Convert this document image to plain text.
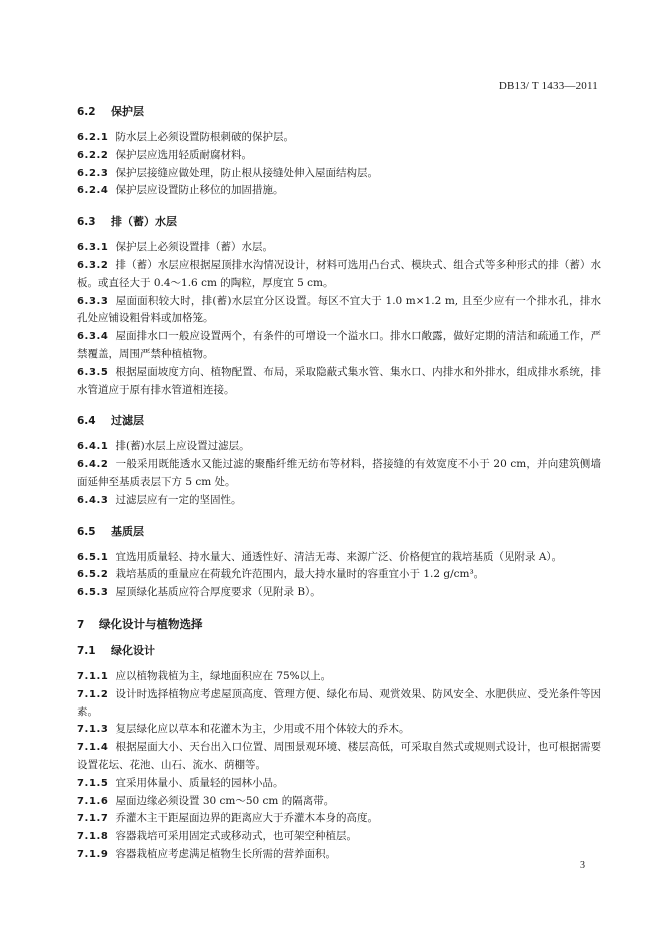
DB13/ T 1433—2011
6.2 保护层
6.2.1 防水层上必须设置防根刺破的保护层。
6.2.2 保护层应选用轻质耐腐材料。
6.2.3 保护层接缝应做处理，防止根从接缝处伸入屋面结构层。
6.2.4 保护层应设置防止移位的加固措施。
6.3 排（蓄）水层
6.3.1 保护层上必须设置排（蓄）水层。
6.3.2 排（蓄）水层应根据屋顶排水沟情况设计，材料可选用凸台式、模块式、组合式等多种形式的排（蓄）水板。或直径大于 0.4～1.6 cm 的陶粒，厚度宜 5 cm。
6.3.3 屋面面积较大时，排(蓄)水层宜分区设置。每区不宜大于 1.0 m×1.2 m, 且至少应有一个排水孔，排水孔处应铺设粗骨料或加格笼。
6.3.4 屋面排水口一般应设置两个，有条件的可增设一个溢水口。排水口敞露，做好定期的清洁和疏通工作，严禁覆盖，周围严禁种植植物。
6.3.5 根据屋面坡度方向、植物配置、布局，采取隐蔽式集水管、集水口、内排水和外排水，组成排水系统，排水管道应于原有排水管道相连接。
6.4 过滤层
6.4.1 排(蓄)水层上应设置过滤层。
6.4.2 一般采用既能透水又能过滤的聚酯纤维无纺布等材料，搭接缝的有效宽度不小于 20 cm，并向建筑侧墙面延伸至基质表层下方 5 cm 处。
6.4.3 过滤层应有一定的坚固性。
6.5 基质层
6.5.1 宜选用质量轻、持水量大、通透性好、清洁无毒、来源广泛、价格便宜的栽培基质（见附录 A）。
6.5.2 栽培基质的重量应在荷载允许范围内，最大持水量时的容重宜小于 1.2 g/cm³。
6.5.3 屋顶绿化基质应符合厚度要求（见附录 B）。
7 绿化设计与植物选择
7.1 绿化设计
7.1.1 应以植物栽植为主，绿地面积应在 75%以上。
7.1.2 设计时选择植物应考虑屋顶高度、管理方便、绿化布局、观赏效果、防风安全、水肥供应、受光条件等因素。
7.1.3 复层绿化应以草本和花灌木为主，少用或不用个体较大的乔木。
7.1.4 根据屋面大小、天台出入口位置、周围景观环境、楼层高低，可采取自然式或规则式设计，也可根据需要设置花坛、花池、山石、流水、荫棚等。
7.1.5 宜采用体量小、质量轻的园林小品。
7.1.6 屋面边缘必须设置 30 cm～50 cm 的隔离带。
7.1.7 乔灌木主干距屋面边界的距离应大于乔灌木本身的高度。
7.1.8 容器栽培可采用固定式或移动式，也可架空种植层。
7.1.9 容器栽植应考虑满足植物生长所需的营养面积。
3
